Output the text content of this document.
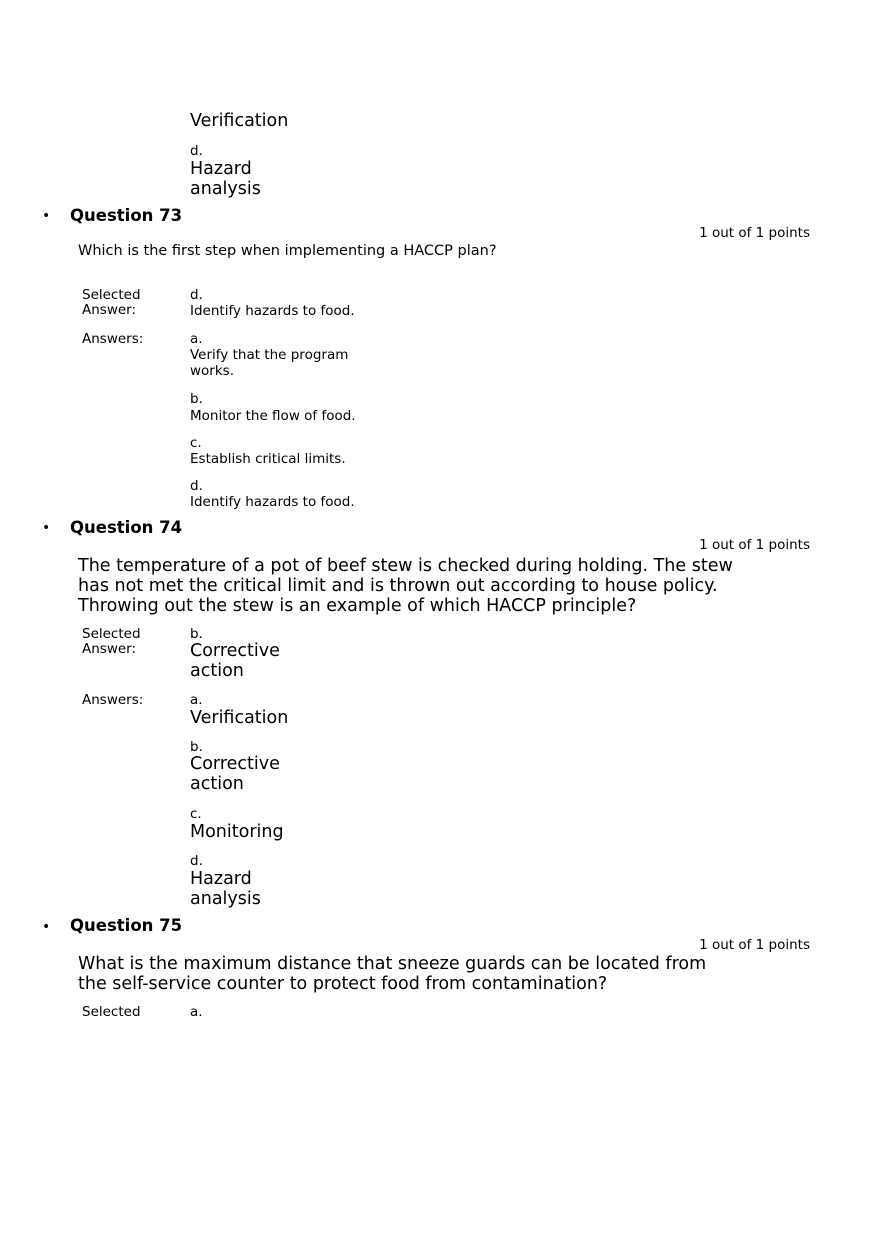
Verification
d.
Hazard
analysis
• Question 73
1 out of 1 points
Which is the first step when implementing a HACCP plan?
Selected
Answer:
d.
Identify hazards to food.
Answers:	a.
Verify that the program
works.
b.
Monitor the flow of food.
c.
Establish critical limits.
d.
Identify hazards to food.
• Question 74
1 out of 1 points
The temperature of a pot of beef stew is checked during holding. The stew
has not met the critical limit and is thrown out according to house policy.
Throwing out the stew is an example of which HACCP principle?
Selected
Answer:
b.
Corrective
action
Answers:	a.
Verification
b.
Corrective
action
c.
Monitoring
d.
Hazard
analysis
• Question 75
1 out of 1 points
What is the maximum distance that sneeze guards can be located from
the self-service counter to protect food from contamination?
Selected	a.
